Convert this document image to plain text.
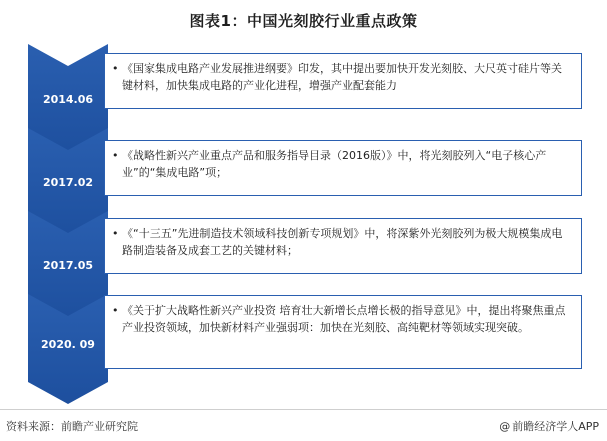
图表1：中国光刻胶行业重点政策
2014.06
• 《国家集成电路产业发展推进纲要》印发，其中提出要加快开发光刻胶、大尺英寸硅片等关键材料，加快集成电路的产业化进程，增强产业配套能力
2017.02
• 《战略性新兴产业重点产品和服务指导目录（2016版）》中，将光刻胶列入“电子核心产业”的“集成电路”项；
2017.05
• 《“十三五”先进制造技术领域科技创新专项规划》中，将深紫外光刻胶列为极大规模集成电路制造装备及成套工艺的关键材料；
2020. 09
• 《关于扩大战略性新兴产业投资 培育壮大新增长点增长极的指导意见》中，提出将聚焦重点产业投资领域，加快新材料产业强弱项：加快在光刻胶、高纯靶材等领域实现突破。
资料来源：前瞻产业研究院	@ 前瞻经济学人APP
